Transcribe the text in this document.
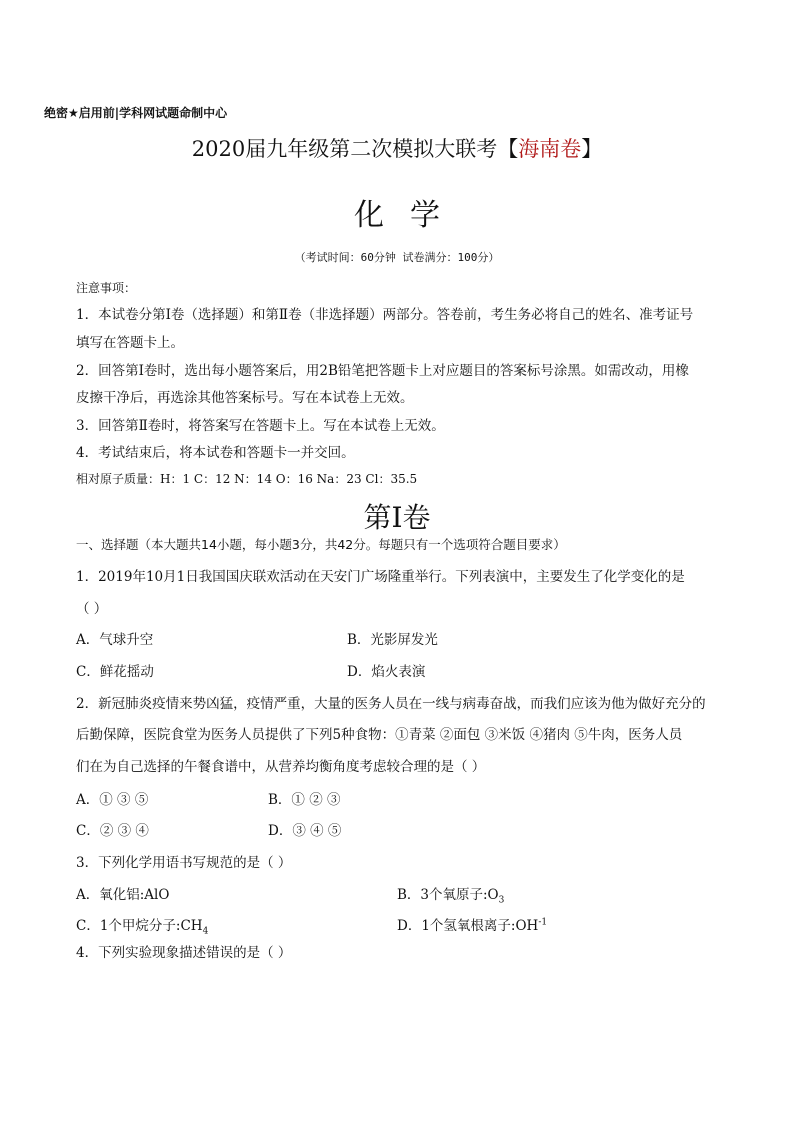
绝密★启用前|学科网试题命制中心
2020届九年级第二次模拟大联考【海南卷】
化学
（考试时间：60分钟 试卷满分：100分）
注意事项：
1．本试卷分第Ⅰ卷（选择题）和第Ⅱ卷（非选择题）两部分。答卷前，考生务必将自己的姓名、准考证号
填写在答题卡上。
2．回答第Ⅰ卷时，选出每小题答案后，用2B铅笔把答题卡上对应题目的答案标号涂黑。如需改动，用橡
皮擦干净后，再选涂其他答案标号。写在本试卷上无效。
3．回答第Ⅱ卷时，将答案写在答题卡上。写在本试卷上无效。
4．考试结束后，将本试卷和答题卡一并交回。
相对原子质量：H：1 C：12 N：14 O：16 Na：23 Cl：35.5
第Ⅰ卷
一、选择题（本大题共14小题，每小题3分，共42分。每题只有一个选项符合题目要求）
1．2019年10月1日我国国庆联欢活动在天安门广场隆重举行。下列表演中，主要发生了化学变化的是
（ ）
A．气球升空	B．光影屏发光
C．鲜花摇动	D．焰火表演
2．新冠肺炎疫情来势凶猛，疫情严重，大量的医务人员在一线与病毒奋战，而我们应该为他为做好充分的
后勤保障，医院食堂为医务人员提供了下列5种食物：①青菜 ②面包 ③米饭 ④猪肉 ⑤牛肉，医务人员
们在为自己选择的午餐食谱中，从营养均衡角度考虑较合理的是（ ）
A．① ③ ⑤	B．① ② ③
C．② ③ ④	D．③ ④ ⑤
3．下列化学用语书写规范的是（ ）
A．氧化铝:AlO	B．3个氧原子$:O_3$
C．1个甲烷分子$:CH_4$	D．1个氢氧根离子$:OH^{-1}$
4．下列实验现象描述错误的是（ ）
